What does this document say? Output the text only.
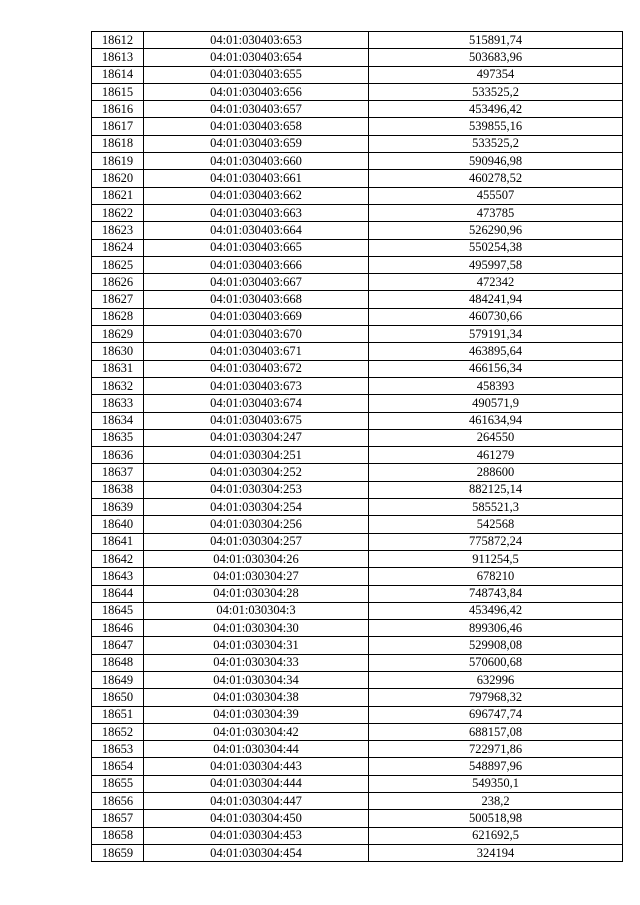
18612	04:01:030403:653	515891,74
18613	04:01:030403:654	503683,96
18614	04:01:030403:655	497354
18615	04:01:030403:656	533525,2
18616	04:01:030403:657	453496,42
18617	04:01:030403:658	539855,16
18618	04:01:030403:659	533525,2
18619	04:01:030403:660	590946,98
18620	04:01:030403:661	460278,52
18621	04:01:030403:662	455507
18622	04:01:030403:663	473785
18623	04:01:030403:664	526290,96
18624	04:01:030403:665	550254,38
18625	04:01:030403:666	495997,58
18626	04:01:030403:667	472342
18627	04:01:030403:668	484241,94
18628	04:01:030403:669	460730,66
18629	04:01:030403:670	579191,34
18630	04:01:030403:671	463895,64
18631	04:01:030403:672	466156,34
18632	04:01:030403:673	458393
18633	04:01:030403:674	490571,9
18634	04:01:030403:675	461634,94
18635	04:01:030304:247	264550
18636	04:01:030304:251	461279
18637	04:01:030304:252	288600
18638	04:01:030304:253	882125,14
18639	04:01:030304:254	585521,3
18640	04:01:030304:256	542568
18641	04:01:030304:257	775872,24
18642	04:01:030304:26	911254,5
18643	04:01:030304:27	678210
18644	04:01:030304:28	748743,84
18645	04:01:030304:3	453496,42
18646	04:01:030304:30	899306,46
18647	04:01:030304:31	529908,08
18648	04:01:030304:33	570600,68
18649	04:01:030304:34	632996
18650	04:01:030304:38	797968,32
18651	04:01:030304:39	696747,74
18652	04:01:030304:42	688157,08
18653	04:01:030304:44	722971,86
18654	04:01:030304:443	548897,96
18655	04:01:030304:444	549350,1
18656	04:01:030304:447	238,2
18657	04:01:030304:450	500518,98
18658	04:01:030304:453	621692,5
18659	04:01:030304:454	324194
